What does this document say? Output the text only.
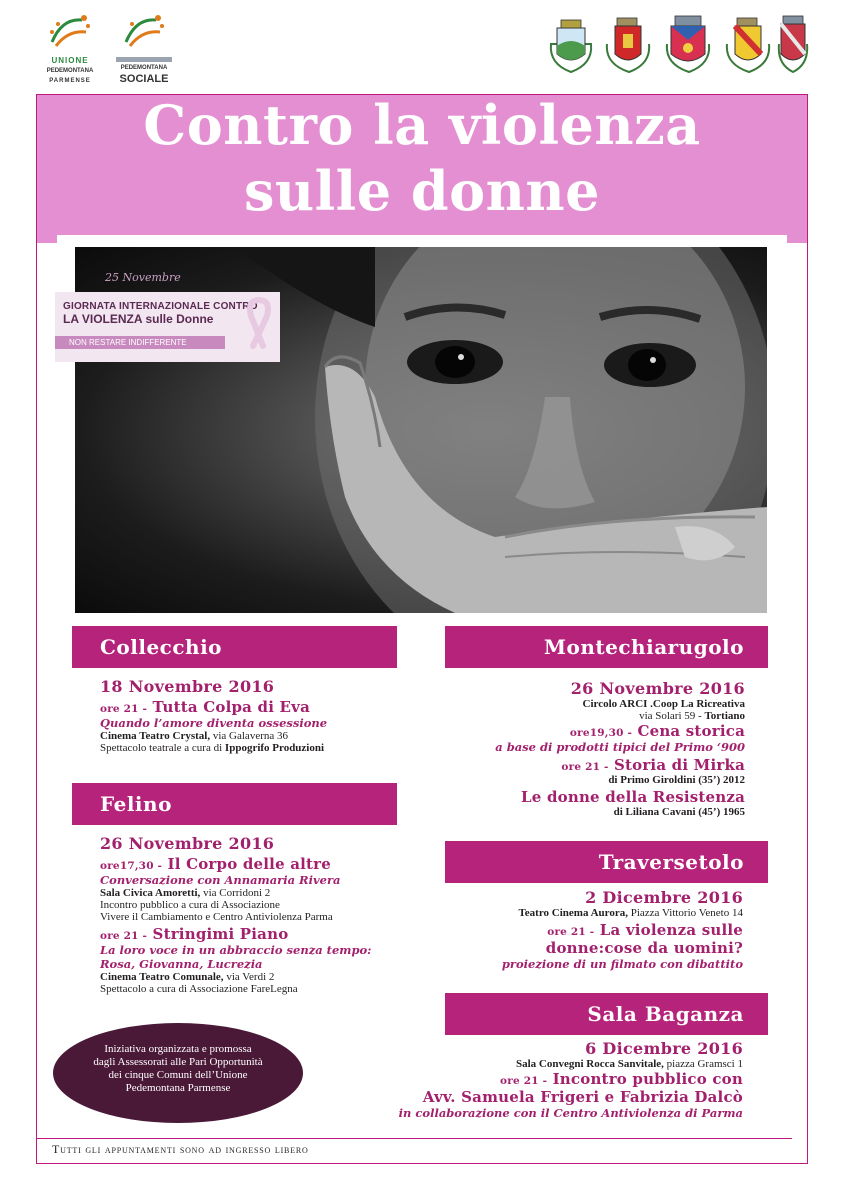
UNIONE
PEDEMONTANA
PARMENSE
PEDEMONTANA
SOCIALE
Contro la violenza
sulle donne
25 Novembre
GIORNATA INTERNAZIONALE CONTRO
LA VIOLENZA sulle Donne
NON RESTARE INDIFFERENTE
Collecchio
18 Novembre 2016
ore 21 - Tutta Colpa di Eva
Quando l’amore diventa ossessione
Cinema Teatro Crystal, via Galaverna 36
Spettacolo teatrale a cura di Ippogrifo Produzioni
Felino
26 Novembre 2016
ore17,30 - Il Corpo delle altre
Conversazione con Annamaria Rivera
Sala Civica Amoretti, via Corridoni 2
Incontro pubblico a cura di Associazione
Vivere il Cambiamento e Centro Antiviolenza Parma
ore 21 - Stringimi Piano
La loro voce in un abbraccio senza tempo:
Rosa, Giovanna, Lucrezia
Cinema Teatro Comunale, via Verdi 2
Spettacolo a cura di Associazione FareLegna
Montechiarugolo
26 Novembre 2016
Circolo ARCI .Coop La Ricreativa
via Solari 59 - Tortiano
ore19,30 - Cena storica
a base di prodotti tipici del Primo ‘900
ore 21 - Storia di Mirka
di Primo Giroldini (35’) 2012
Le donne della Resistenza
di Liliana Cavani (45’) 1965
Traversetolo
2 Dicembre 2016
Teatro Cinema Aurora, Piazza Vittorio Veneto 14
ore 21 - La violenza sulle
donne:cose da uomini?
proiezione di un filmato con dibattito
Sala Baganza
6 Dicembre 2016
Sala Convegni Rocca Sanvitale, piazza Gramsci 1
ore 21 - Incontro pubblico con
Avv. Samuela Frigeri e Fabrizia Dalcò
in collaborazione con il Centro Antiviolenza di Parma
Iniziativa organizzata e promossa
dagli Assessorati alle Pari Opportunità
dei cinque Comuni dell’Unione
Pedemontana Parmense
Tutti gli appuntamenti sono ad ingresso libero
